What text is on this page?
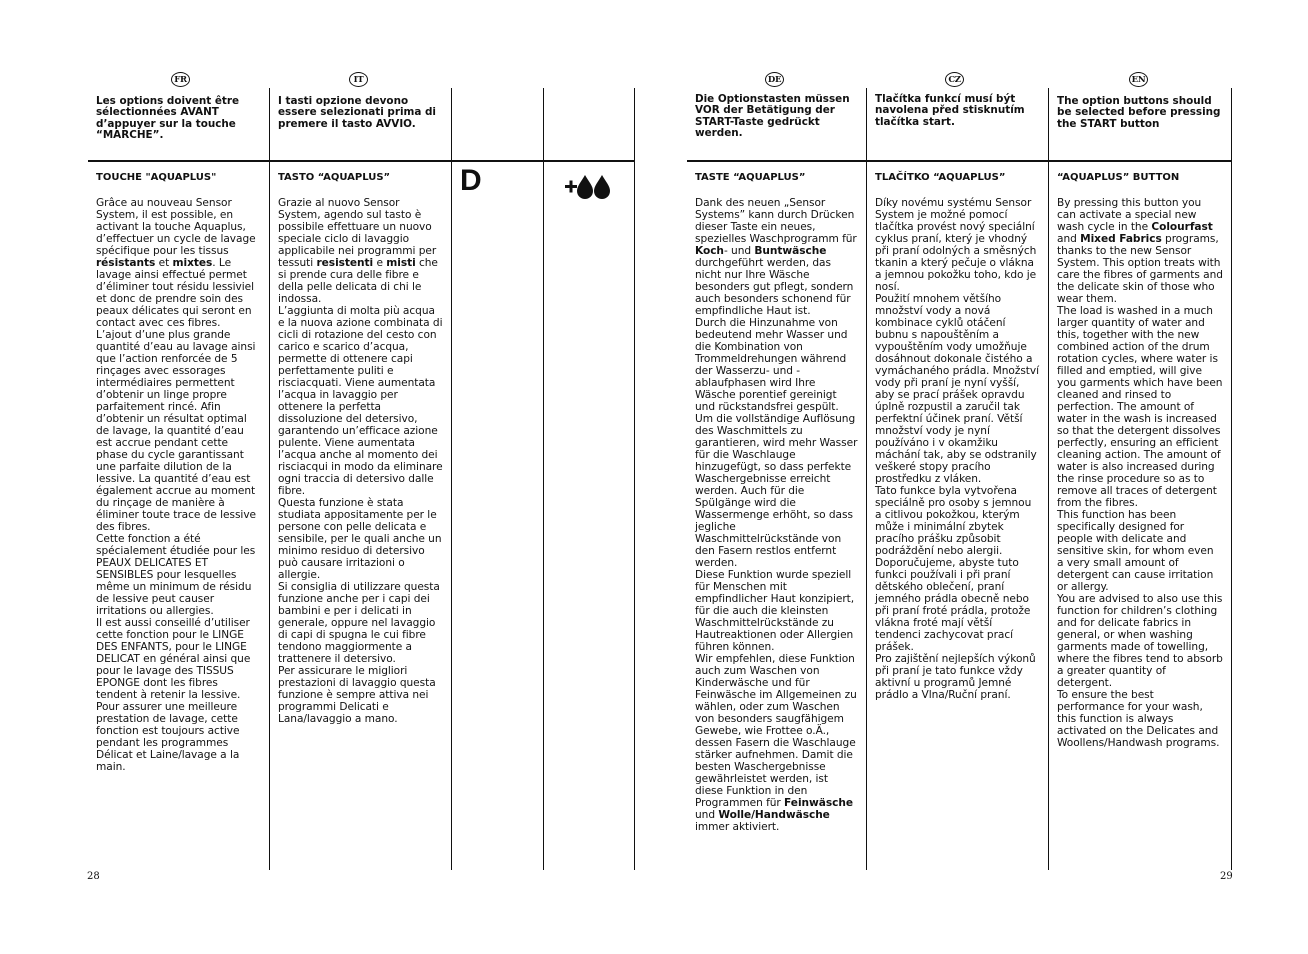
FR	IT
Les options doivent être sélectionnées AVANT d’appuyer sur la touche “MARCHE”.
TOUCHE "AQUAPLUS"
Grâce au nouveau Sensor System, il est possible, en activant la touche Aquaplus, d’effectuer un cycle de lavage spécifique pour les tissus résistants et mixtes. Le lavage ainsi effectué permet d’éliminer tout résidu lessiviel et donc de prendre soin des peaux délicates qui seront en contact avec ces fibres.
L’ajout d’une plus grande quantité d’eau au lavage ainsi que l’action renforcée de 5 rinçages avec essorages intermédiaires permettent d’obtenir un linge propre parfaitement rincé. Afin d’obtenir un résultat optimal de lavage, la quantité d’eau est accrue pendant cette phase du cycle garantissant une parfaite dilution de la lessive. La quantité d’eau est également accrue au moment du rinçage de manière à éliminer toute trace de lessive des fibres.
Cette fonction a été spécialement étudiée pour les PEAUX DELICATES ET SENSIBLES pour lesquelles même un minimum de résidu de lessive peut causer irritations ou allergies.
Il est aussi conseillé d’utiliser cette fonction pour le LINGE DES ENFANTS, pour le LINGE DELICAT en général ainsi que pour le lavage des TISSUS EPONGE dont les fibres tendent à retenir la lessive.
Pour assurer une meilleure prestation de lavage, cette fonction est toujours active pendant les programmes Délicat et Laine/lavage a la main.
I tasti opzione devono essere selezionati prima di premere il tasto AVVIO.
TASTO “AQUAPLUS”
Grazie al nuovo Sensor System, agendo sul tasto è possibile effettuare un nuovo speciale ciclo di lavaggio applicabile nei programmi per tessuti resistenti e misti che si prende cura delle fibre e della pelle delicata di chi le indossa.
L’aggiunta di molta più acqua e la nuova azione combinata di cicli di rotazione del cesto con carico e scarico d’acqua, permette di ottenere capi perfettamente puliti e risciacquati. Viene aumentata l’acqua in lavaggio per ottenere la perfetta dissoluzione del detersivo, garantendo un’efficace azione pulente. Viene aumentata l’acqua anche al momento dei risciacqui in modo da eliminare ogni traccia di detersivo dalle fibre.
Questa funzione è stata studiata appositamente per le persone con pelle delicata e sensibile, per le quali anche un minimo residuo di detersivo può causare irritazioni o allergie.
Si consiglia di utilizzare questa funzione anche per i capi dei bambini e per i delicati in generale, oppure nel lavaggio di capi di spugna le cui fibre tendono maggiormente a trattenere il detersivo.
Per assicurare le migliori prestazioni di lavaggio questa funzione è sempre attiva nei programmi Delicati e Lana/lavaggio a mano.
D
28
DE	CZ	EN
Die Optionstasten müssen VOR der Betätigung der START-Taste gedrückt werden.
TASTE “AQUAPLUS”
Dank des neuen „Sensor Systems” kann durch Drücken dieser Taste ein neues, spezielles Waschprogramm für Koch- und Buntwäsche durchgeführt werden, das nicht nur Ihre Wäsche besonders gut pflegt, sondern auch besonders schonend für empfindliche Haut ist.
Durch die Hinzunahme von bedeutend mehr Wasser und die Kombination von Trommeldrehungen während der Wasserzu- und -ablaufphasen wird Ihre Wäsche porentief gereinigt und rückstandsfrei gespült. Um die vollständige Auflösung des Waschmittels zu garantieren, wird mehr Wasser für die Waschlauge hinzugefügt, so dass perfekte Waschergebnisse erreicht werden. Auch für die Spülgänge wird die Wassermenge erhöht, so dass jegliche Waschmittelrückstände von den Fasern restlos entfernt werden.
Diese Funktion wurde speziell für Menschen mit empfindlicher Haut konzipiert, für die auch die kleinsten Waschmittelrückstände zu Hautreaktionen oder Allergien führen können.
Wir empfehlen, diese Funktion auch zum Waschen von Kinderwäsche und für Feinwäsche im Allgemeinen zu wählen, oder zum Waschen von besonders saugfähigem Gewebe, wie Frottee o.Ä., dessen Fasern die Waschlauge stärker aufnehmen. Damit die besten Waschergebnisse gewährleistet werden, ist diese Funktion in den Programmen für Feinwäsche und Wolle/Handwäsche immer aktiviert.
Tlačítka funkcí musí být navolena před stisknutím tlačítka start.
TLAČÍTKO “AQUAPLUS”
Díky novému systému Sensor System je možné pomocí tlačítka provést nový speciální cyklus praní, který je vhodný při praní odolných a směsných tkanin a který pečuje o vlákna a jemnou pokožku toho, kdo je nosí.
Použití mnohem většího množství vody a nová kombinace cyklů otáčení bubnu s napouštěním a vypouštěním vody umožňuje dosáhnout dokonale čistého a vymáchaného prádla. Množství vody při praní je nyní vyšší, aby se prací prášek opravdu úplně rozpustil a zaručil tak perfektní účinek praní. Větší množství vody je nyní používáno i v okamžiku máchání tak, aby se odstranily veškeré stopy pracího prostředku z vláken.
Tato funkce byla vytvořena speciálně pro osoby s jemnou a citlivou pokožkou, kterým může i minimální zbytek pracího prášku způsobit podráždění nebo alergii.
Doporučujeme, abyste tuto funkci používali i při praní dětského oblečení, praní jemného prádla obecně nebo při praní froté prádla, protože vlákna froté mají větší tendenci zachycovat prací prášek.
Pro zajištění nejlepších výkonů při praní je tato funkce vždy aktivní u programů Jemné prádlo a Vlna/Ruční praní.
The option buttons should be selected before pressing the START button
“AQUAPLUS” BUTTON
By pressing this button you can activate a special new wash cycle in the Colourfast and Mixed Fabrics programs, thanks to the new Sensor System. This option treats with care the fibres of garments and the delicate skin of those who wear them.
The load is washed in a much larger quantity of water and this, together with the new combined action of the drum rotation cycles, where water is filled and emptied, will give you garments which have been cleaned and rinsed to perfection. The amount of water in the wash is increased so that the detergent dissolves perfectly, ensuring an efficient cleaning action. The amount of water is also increased during the rinse procedure so as to remove all traces of detergent from the fibres.
This function has been specifically designed for people with delicate and sensitive skin, for whom even a very small amount of detergent can cause irritation or allergy.
You are advised to also use this function for children’s clothing and for delicate fabrics in general, or when washing garments made of towelling, where the fibres tend to absorb a greater quantity of detergent.
To ensure the best performance for your wash, this function is always activated on the Delicates and Woollens/Handwash programs.
29
